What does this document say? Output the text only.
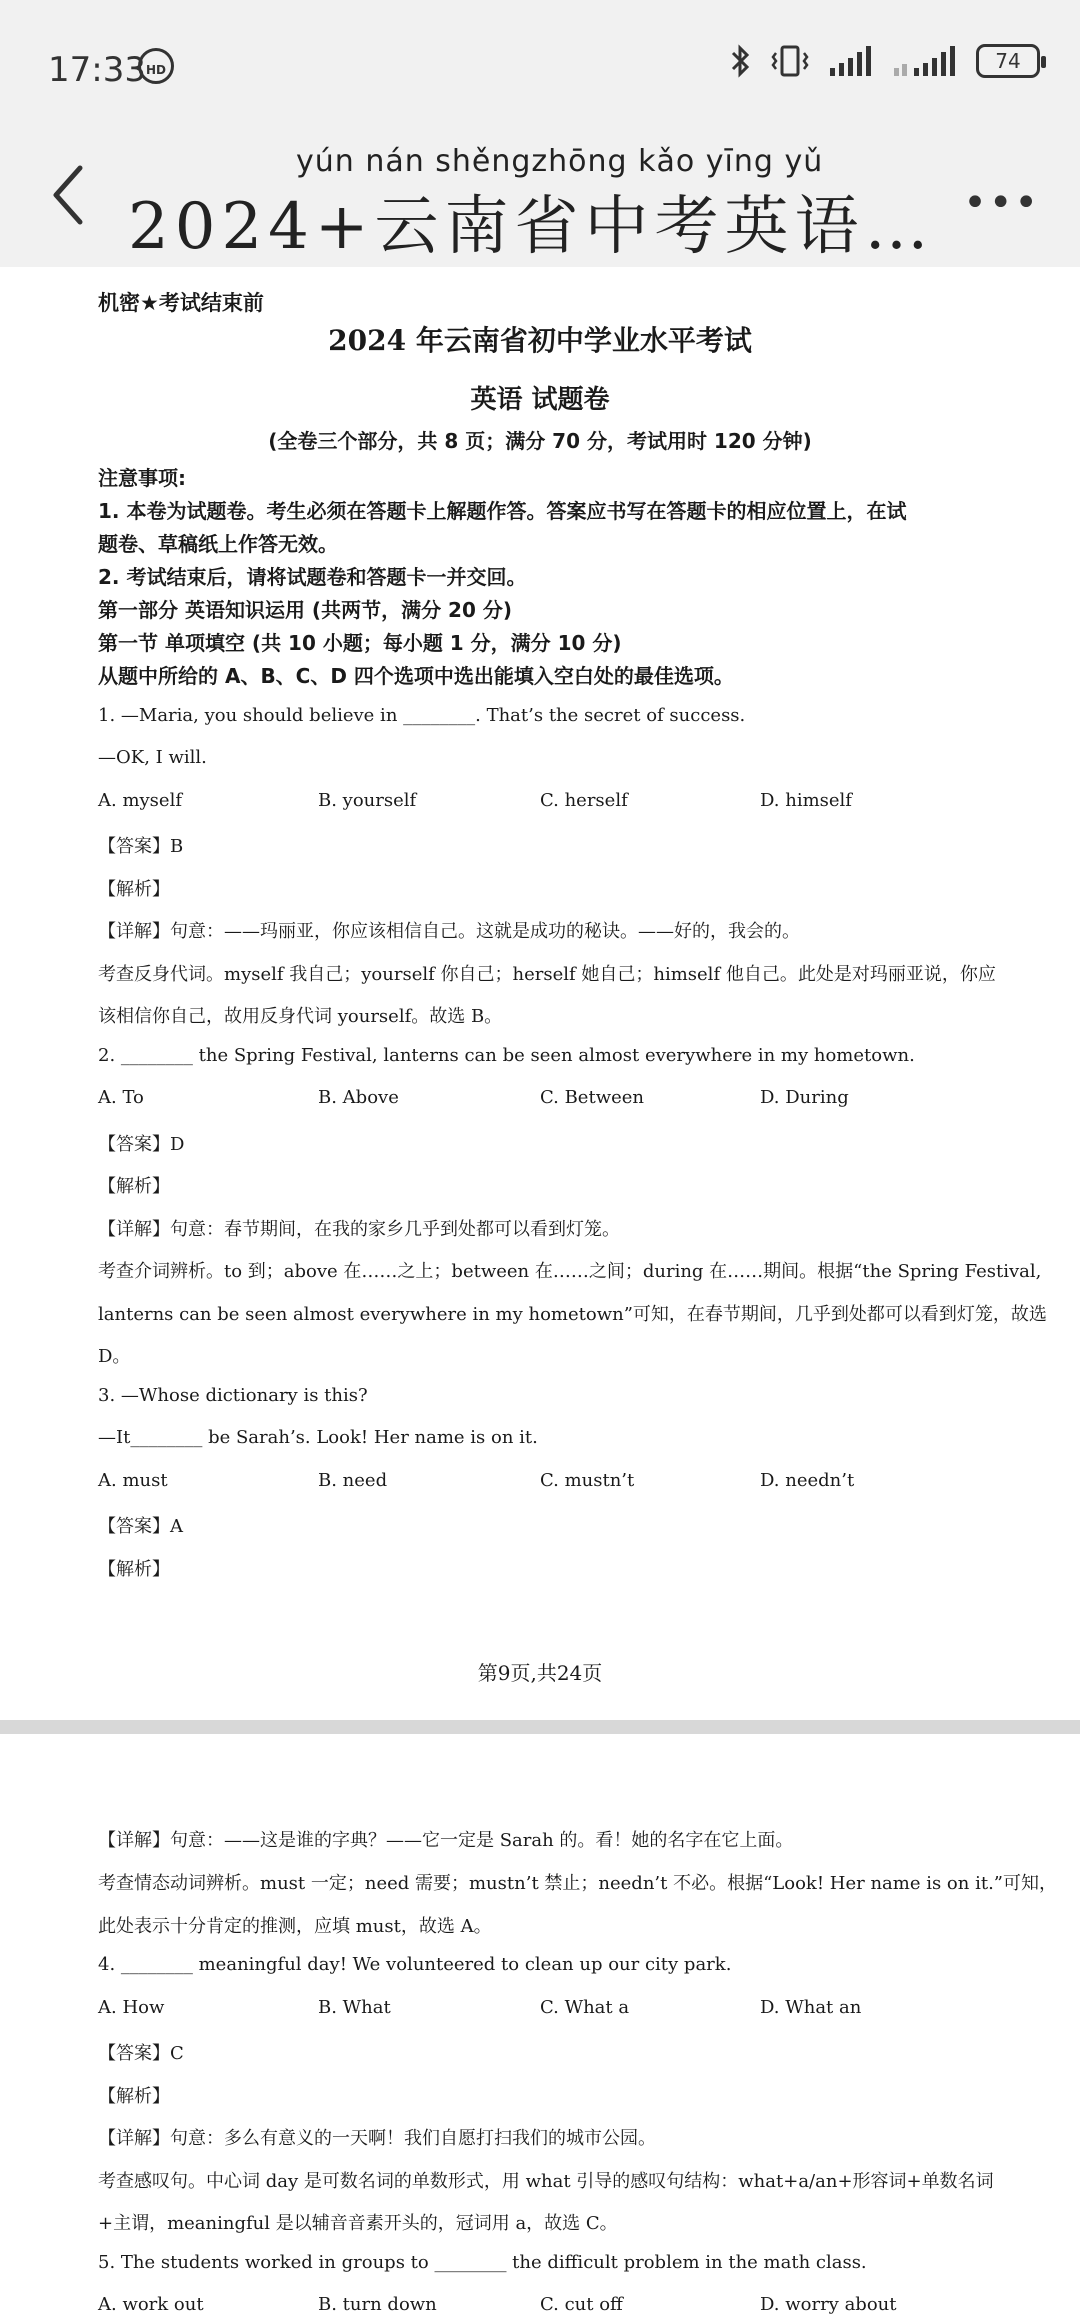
17:33 HD	74
yún nán shěngzhōng kǎo yīng yǔ
2024+云南省中考英语… •••
机密★考试结束前
2024 年云南省初中学业水平考试
英语 试题卷
(全卷三个部分，共 8 页；满分 70 分，考试用时 120 分钟)
注意事项:
1. 本卷为试题卷。考生必须在答题卡上解题作答。答案应书写在答题卡的相应位置上，在试
题卷、草稿纸上作答无效。
2. 考试结束后，请将试题卷和答题卡一并交回。
第一部分 英语知识运用 (共两节，满分 20 分)
第一节 单项填空 (共 10 小题；每小题 1 分，满分 10 分)
从题中所给的 A、B、C、D 四个选项中选出能填入空白处的最佳选项。
1. —Maria, you should believe in ________. That’s the secret of success.
—OK, I will.
A. myself	B. yourself	C. herself	D. himself
【答案】B
【解析】
【详解】句意：——玛丽亚，你应该相信自己。这就是成功的秘诀。——好的，我会的。
考查反身代词。myself 我自己；yourself 你自己；herself 她自己；himself 他自己。此处是对玛丽亚说，你应
该相信你自己，故用反身代词 yourself。故选 B。
2. ________ the Spring Festival, lanterns can be seen almost everywhere in my hometown.
A. To	B. Above	C. Between	D. During
【答案】D
【解析】
【详解】句意：春节期间，在我的家乡几乎到处都可以看到灯笼。
考查介词辨析。to 到；above 在……之上；between 在……之间；during 在……期间。根据“the Spring Festival,
lanterns can be seen almost everywhere in my hometown”可知，在春节期间，几乎到处都可以看到灯笼，故选
D。
3. —Whose dictionary is this?
—It________ be Sarah’s. Look! Her name is on it.
A. must	B. need	C. mustn’t	D. needn’t
【答案】A
【解析】
第9页,共24页
【详解】句意：——这是谁的字典？——它一定是 Sarah 的。看！她的名字在它上面。
考查情态动词辨析。must 一定；need 需要；mustn’t 禁止；needn’t 不必。根据“Look! Her name is on it.”可知，
此处表示十分肯定的推测，应填 must，故选 A。
4. ________ meaningful day! We volunteered to clean up our city park.
A. How	B. What	C. What a	D. What an
【答案】C
【解析】
【详解】句意：多么有意义的一天啊！我们自愿打扫我们的城市公园。
考查感叹句。中心词 day 是可数名词的单数形式，用 what 引导的感叹句结构：what+a/an+形容词+单数名词
+主谓，meaningful 是以辅音音素开头的，冠词用 a，故选 C。
5. The students worked in groups to ________ the difficult problem in the math class.
A. work out	B. turn down	C. cut off	D. worry about
